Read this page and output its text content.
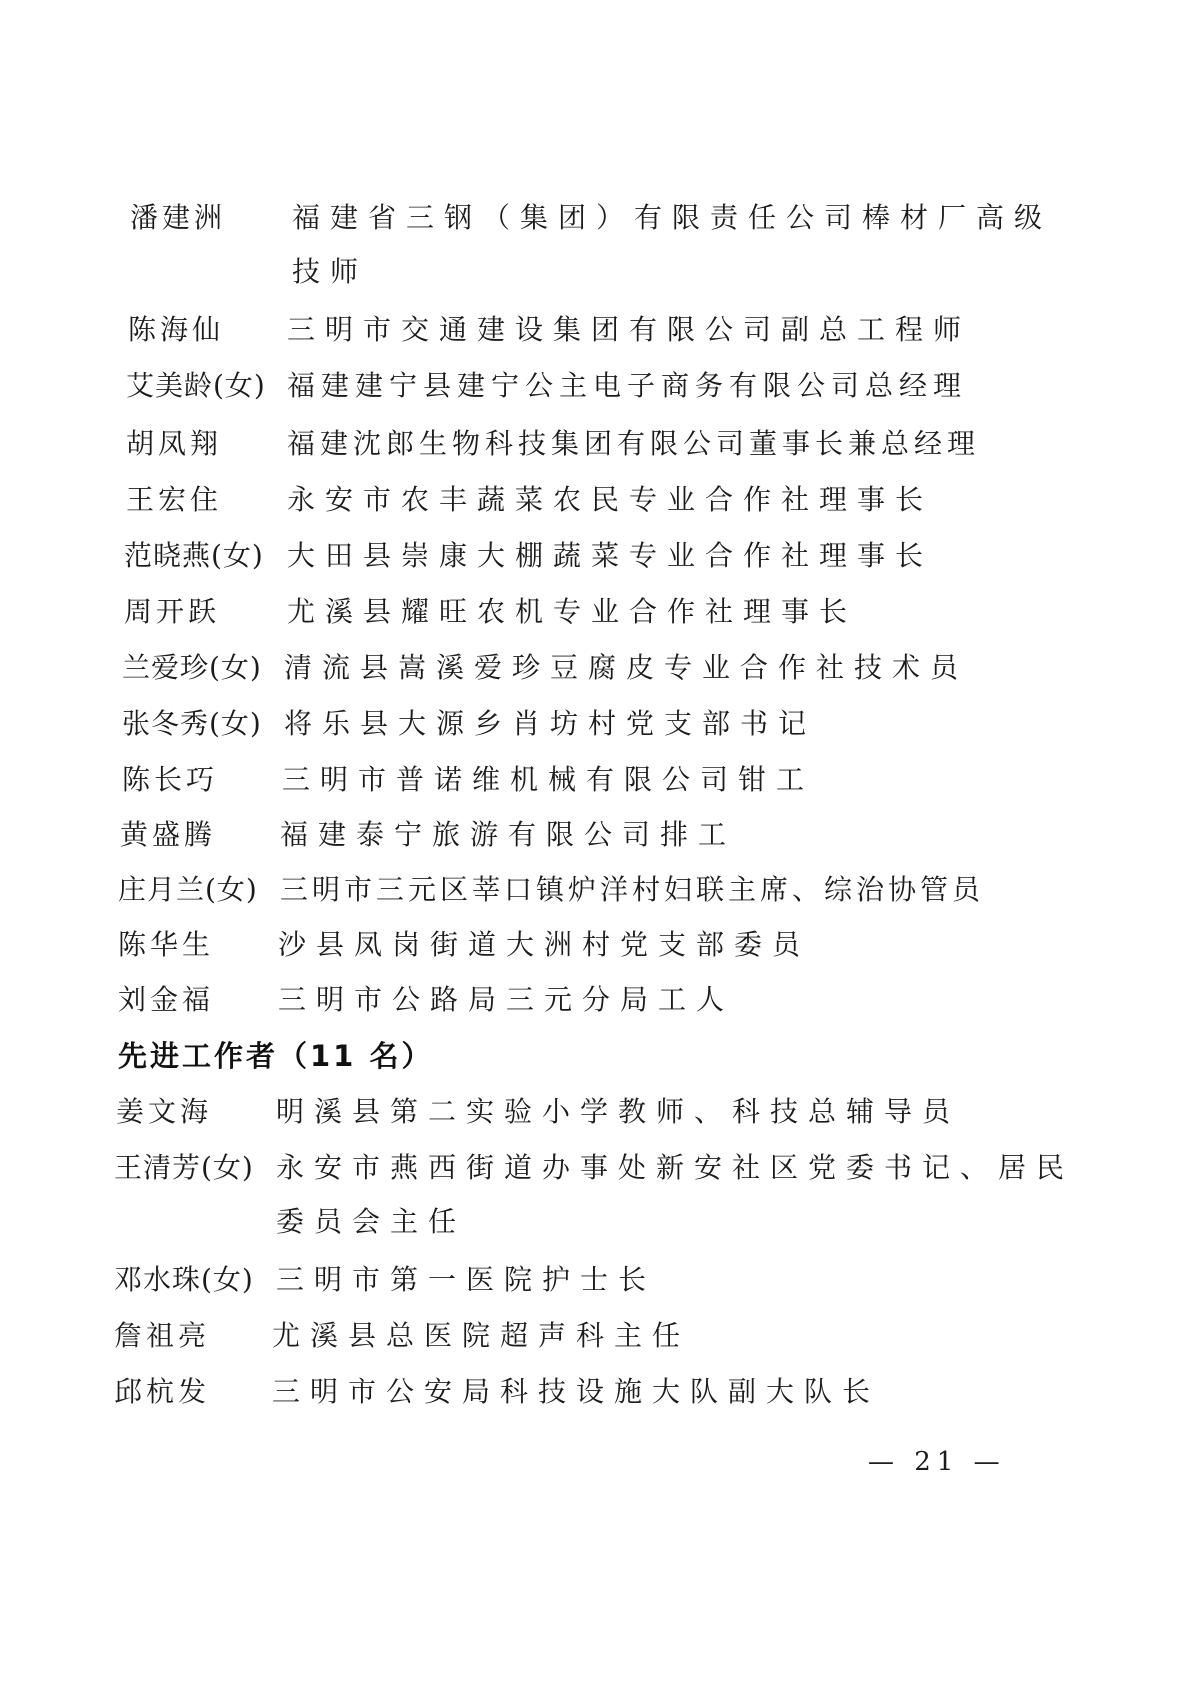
潘建洲 福建省三钢（集团）有限责任公司棒材厂高级
技师
陈海仙 三明市交通建设集团有限公司副总工程师
艾美龄(女) 福建建宁县建宁公主电子商务有限公司总经理
胡凤翔 福建沈郎生物科技集团有限公司董事长兼总经理
王宏住 永安市农丰蔬菜农民专业合作社理事长
范晓燕(女) 大田县崇康大棚蔬菜专业合作社理事长
周开跃 尤溪县耀旺农机专业合作社理事长
兰爱珍(女) 清流县嵩溪爱珍豆腐皮专业合作社技术员
张冬秀(女) 将乐县大源乡肖坊村党支部书记
陈长巧 三明市普诺维机械有限公司钳工
黄盛腾 福建泰宁旅游有限公司排工
庄月兰(女) 三明市三元区莘口镇炉洋村妇联主席、综治协管员
陈华生 沙县凤岗街道大洲村党支部委员
刘金福 三明市公路局三元分局工人
先进工作者（11 名）
姜文海 明溪县第二实验小学教师、科技总辅导员
王清芳(女) 永安市燕西街道办事处新安社区党委书记、居民
委员会主任
邓水珠(女) 三明市第一医院护士长
詹祖亮 尤溪县总医院超声科主任
邱杭发 三明市公安局科技设施大队副大队长
— 21 —
